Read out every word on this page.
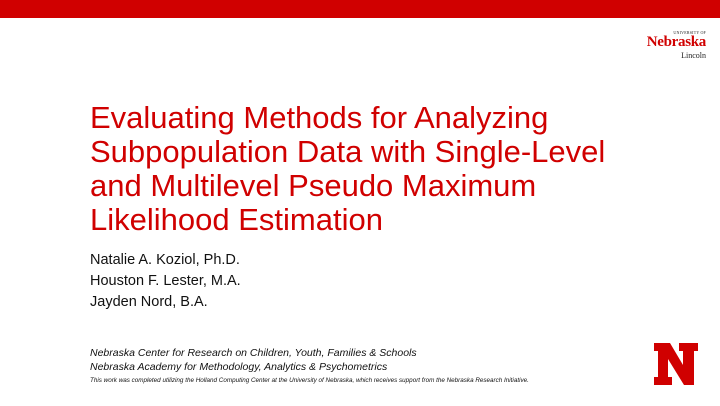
UNIVERSITY OF
Nebraska
Lincoln
Evaluating Methods for Analyzing Subpopulation Data with Single-Level and Multilevel Pseudo Maximum Likelihood Estimation
Natalie A. Koziol, Ph.D.
Houston F. Lester, M.A.
Jayden Nord, B.A.
Nebraska Center for Research on Children, Youth, Families & Schools
Nebraska Academy for Methodology, Analytics & Psychometrics
This work was completed utilizing the Holland Computing Center at the University of Nebraska, which receives support from the Nebraska Research Initiative.
